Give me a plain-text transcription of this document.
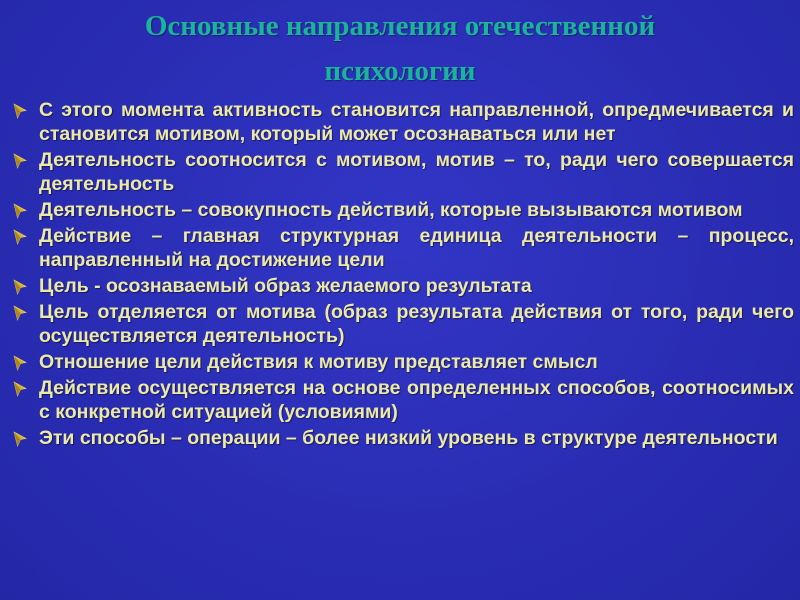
Основные направления отечественной
психологии
С этого момента активность становится направленной, опредмечивается и становится мотивом, который может осознаваться или нет
Деятельность соотносится с мотивом, мотив – то, ради чего совершается деятельность
Деятельность – совокупность действий, которые вызываются мотивом
Действие – главная структурная единица деятельности – процесс, направленный на достижение цели
Цель - осознаваемый образ желаемого результата
Цель отделяется от мотива (образ результата действия от того, ради чего осуществляется деятельность)
Отношение цели действия к мотиву представляет смысл
Действие осуществляется на основе определенных способов, соотносимых с конкретной ситуацией (условиями)
Эти способы – операции – более низкий уровень в структуре деятельности
